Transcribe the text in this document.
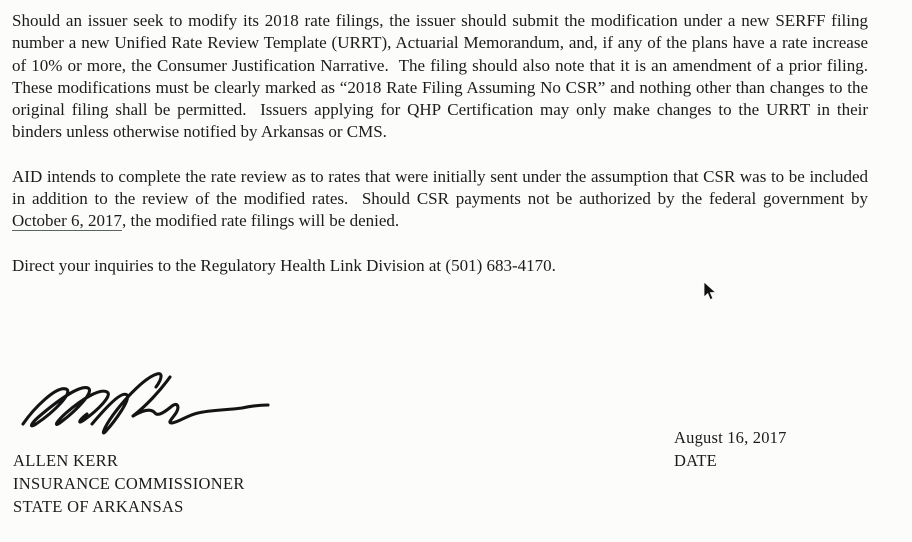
Should an issuer seek to modify its 2018 rate filings, the issuer should submit the modification under a new SERFF filing number a new Unified Rate Review Template (URRT), Actuarial Memorandum, and, if any of the plans have a rate increase of 10% or more, the Consumer Justification Narrative.  The filing should also note that it is an amendment of a prior filing.  These modifications must be clearly marked as “2018 Rate Filing Assuming No CSR” and nothing other than changes to the original filing shall be permitted.  Issuers applying for QHP Certification may only make changes to the URRT in their binders unless otherwise notified by Arkansas or CMS.

AID intends to complete the rate review as to rates that were initially sent under the assumption that CSR was to be included in addition to the review of the modified rates.  Should CSR payments not be authorized by the federal government by October 6, 2017, the modified rate filings will be denied.

Direct your inquiries to the Regulatory Health Link Division at (501) 683-4170.

ALLEN KERR
INSURANCE COMMISSIONER
STATE OF ARKANSAS
August 16, 2017
DATE
